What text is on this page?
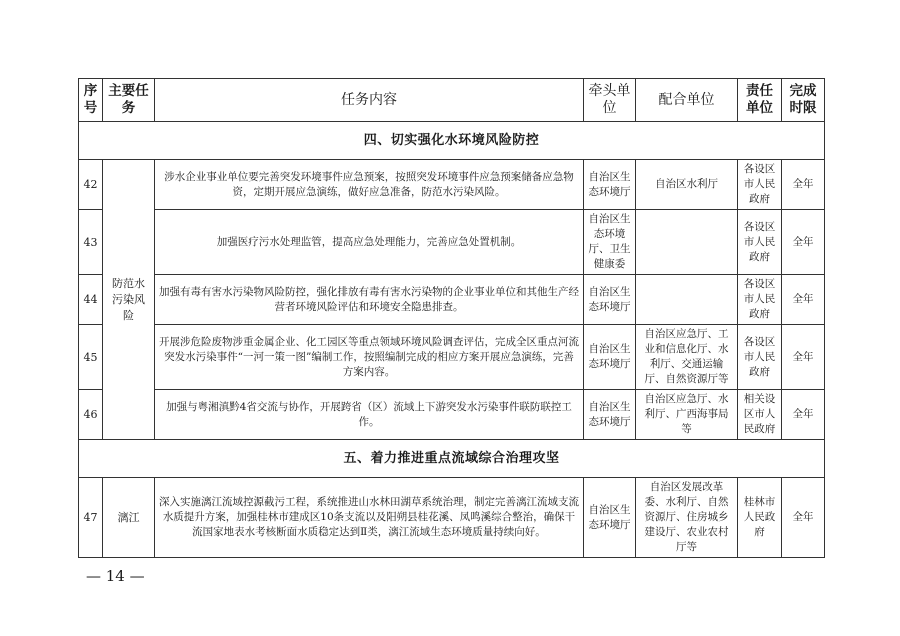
序号	主要任务	任务内容	牵头单位	配合单位	责任单位	完成时限
四、切实强化水环境风险防控						
42	防范水污染风险	涉水企业事业单位要完善突发环境事件应急预案，按照突发环境事件应急预案储备应急物资，定期开展应急演练，做好应急准备，防范水污染风险。	自治区生态环境厅	自治区水利厅	各设区市人民政府	全年
43		加强医疗污水处理监管，提高应急处理能力，完善应急处置机制。	自治区生态环境厅、卫生健康委		各设区市人民政府	全年
44		加强有毒有害水污染物风险防控，强化排放有毒有害水污染物的企业事业单位和其他生产经营者环境风险评估和环境安全隐患排查。	自治区生态环境厅		各设区市人民政府	全年
45		开展涉危险废物涉重金属企业、化工园区等重点领域环境风险调查评估，完成全区重点河流突发水污染事件“一河一策一图”编制工作，按照编制完成的相应方案开展应急演练，完善方案内容。	自治区生态环境厅	自治区应急厅、工业和信息化厅、水利厅、交通运输厅、自然资源厅等	各设区市人民政府	全年
46		加强与粤湘滇黔4省交流与协作，开展跨省（区）流域上下游突发水污染事件联防联控工作。	自治区生态环境厅	自治区应急厅、水利厅、广西海事局等	相关设区市人民政府	全年
五、着力推进重点流域综合治理攻坚						
47	漓江	深入实施漓江流域控源截污工程，系统推进山水林田湖草系统治理，制定完善漓江流域支流水质提升方案，加强桂林市建成区10条支流以及阳朔县桂花溪、凤鸣溪综合整治，确保干流国家地表水考核断面水质稳定达到Ⅱ类，漓江流域生态环境质量持续向好。	自治区生态环境厅	自治区发展改革委、水利厅、自然资源厅、住房城乡建设厅、农业农村厅等	桂林市人民政府	全年
— 14 —
